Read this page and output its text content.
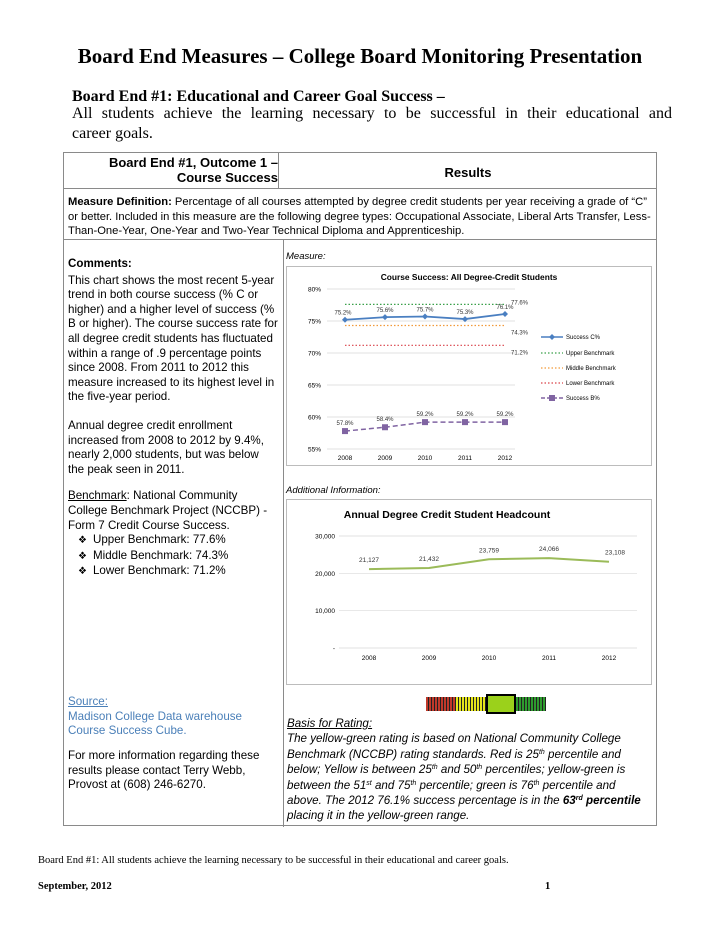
Board End Measures – College Board Monitoring Presentation
Board End #1: Educational and Career Goal Success –
All students achieve the learning necessary to be successful in their educational and
career goals.
Board End #1, Outcome 1 –
Course Success	Results
Measure Definition: Percentage of all courses attempted by degree credit students per year receiving a grade of “C” or better. Included in this measure are the following degree types: Occupational Associate, Liberal Arts Transfer, Less-Than-One-Year, One-Year and Two-Year Technical Diploma and Apprenticeship.
Comments:

This chart shows the most recent 5-year trend in both course success (% C or higher) and a higher level of success (% B or higher). The course success rate for all degree credit students has fluctuated within a range of .9 percentage points since 2008. From 2011 to 2012 this measure increased to its highest level in the five-year period.

Annual degree credit enrollment increased from 2008 to 2012 by 9.4%, nearly 2,000 students, but was below the peak seen in 2011.

Benchmark: National Community College Benchmark Project (NCCBP) - Form 7 Credit Course Success.
❖ Upper Benchmark: 77.6%
❖ Middle Benchmark: 74.3%
❖ Lower Benchmark: 71.2%
Measure:
Course Success: All Degree-Credit Students
55%
60%
65%
70%
75%
80%
2008	2009	2010	2011	2012
77.6%
74.3%
71.2%
75.2%	75.6%	75.7%	75.3%
76.1%
57.8%
58.4%
59.2%	59.2%	59.2%
Success C%
Upper Benchmark
Middle Benchmark
Lower Benchmark
Success B%
Additional Information:
Annual Degree Credit Student Headcount
-
10,000
20,000
30,000
2008	2009	2010	2011	2012
21,127	21,432
23,759	24,066
23,108
Source:
Madison College Data warehouse
Course Success Cube.
For more information regarding these results please contact Terry Webb, Provost at (608) 246-6270.
Basis for Rating:
The yellow-green rating is based on National Community College Benchmark (NCCBP) rating standards. Red is 25th percentile and below; Yellow is between 25th and 50th percentiles; yellow-green is between the 51st and 75th percentile; green is 76th percentile and above. The 2012 76.1% success percentage is in the 63rd percentile placing it in the yellow-green range.
Board End #1: All students achieve the learning necessary to be successful in their educational and career goals.
September, 2012	1
